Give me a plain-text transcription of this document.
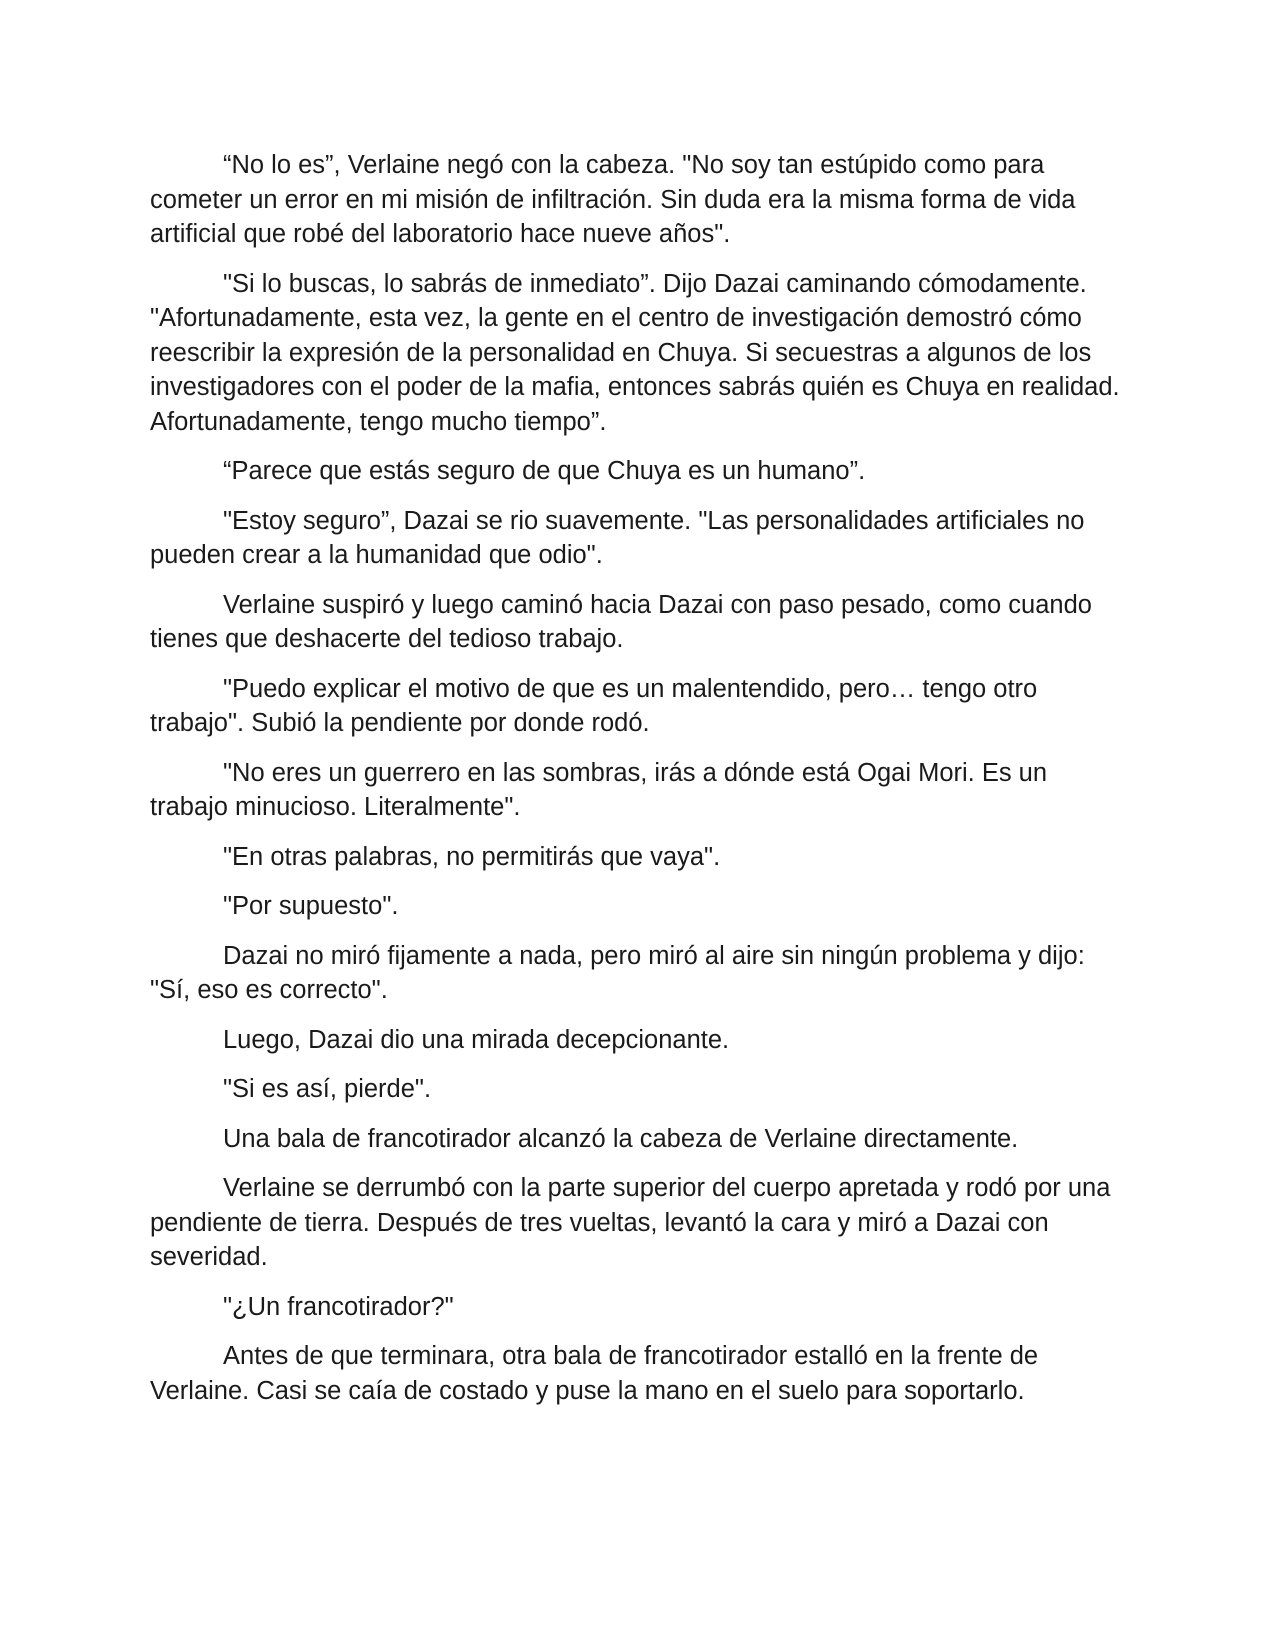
“No lo es”, Verlaine negó con la cabeza. "No soy tan estúpido como para cometer un error en mi misión de infiltración. Sin duda era la misma forma de vida artificial que robé del laboratorio hace nueve años".

"Si lo buscas, lo sabrás de inmediato”. Dijo Dazai caminando cómodamente. "Afortunadamente, esta vez, la gente en el centro de investigación demostró cómo reescribir la expresión de la personalidad en Chuya. Si secuestras a algunos de los investigadores con el poder de la mafia, entonces sabrás quién es Chuya en realidad. Afortunadamente, tengo mucho tiempo”.

“Parece que estás seguro de que Chuya es un humano”.

"Estoy seguro”, Dazai se rio suavemente. "Las personalidades artificiales no pueden crear a la humanidad que odio".

Verlaine suspiró y luego caminó hacia Dazai con paso pesado, como cuando tienes que deshacerte del tedioso trabajo.

"Puedo explicar el motivo de que es un malentendido, pero… tengo otro trabajo". Subió la pendiente por donde rodó.

"No eres un guerrero en las sombras, irás a dónde está Ogai Mori. Es un trabajo minucioso. Literalmente".

"En otras palabras, no permitirás que vaya".

"Por supuesto".

Dazai no miró fijamente a nada, pero miró al aire sin ningún problema y dijo: "Sí, eso es correcto".

Luego, Dazai dio una mirada decepcionante.

"Si es así, pierde".

Una bala de francotirador alcanzó la cabeza de Verlaine directamente.

Verlaine se derrumbó con la parte superior del cuerpo apretada y rodó por una pendiente de tierra. Después de tres vueltas, levantó la cara y miró a Dazai con severidad.

"¿Un francotirador?"

Antes de que terminara, otra bala de francotirador estalló en la frente de Verlaine. Casi se caía de costado y puse la mano en el suelo para soportarlo.
